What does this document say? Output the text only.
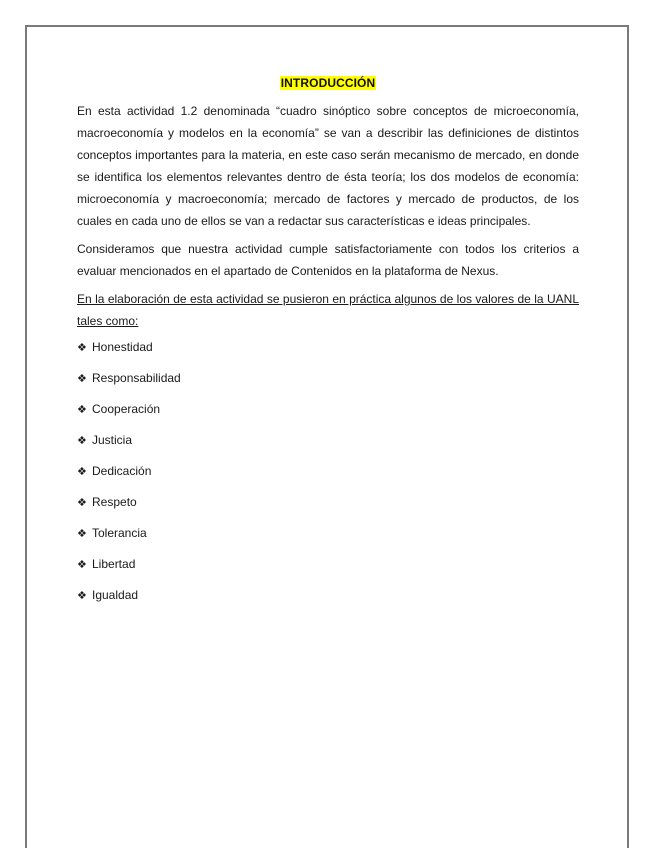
INTRODUCCIÓN

En esta actividad 1.2 denominada “cuadro sinóptico sobre conceptos de microeconomía, macroeconomía y modelos en la economía” se van a describir las definiciones de distintos conceptos importantes para la materia, en este caso serán mecanismo de mercado, en donde se identifica los elementos relevantes dentro de ésta teoría; los dos modelos de economía: microeconomía y macroeconomía; mercado de factores y mercado de productos, de los cuales en cada uno de ellos se van a redactar sus características e ideas principales.

Consideramos que nuestra actividad cumple satisfactoriamente con todos los criterios a evaluar mencionados en el apartado de Contenidos en la plataforma de Nexus.

En la elaboración de esta actividad se pusieron en práctica algunos de los valores de la UANL tales como:

❖ Honestidad
❖ Responsabilidad
❖ Cooperación
❖ Justicia
❖ Dedicación
❖ Respeto
❖ Tolerancia
❖ Libertad
❖ Igualdad
